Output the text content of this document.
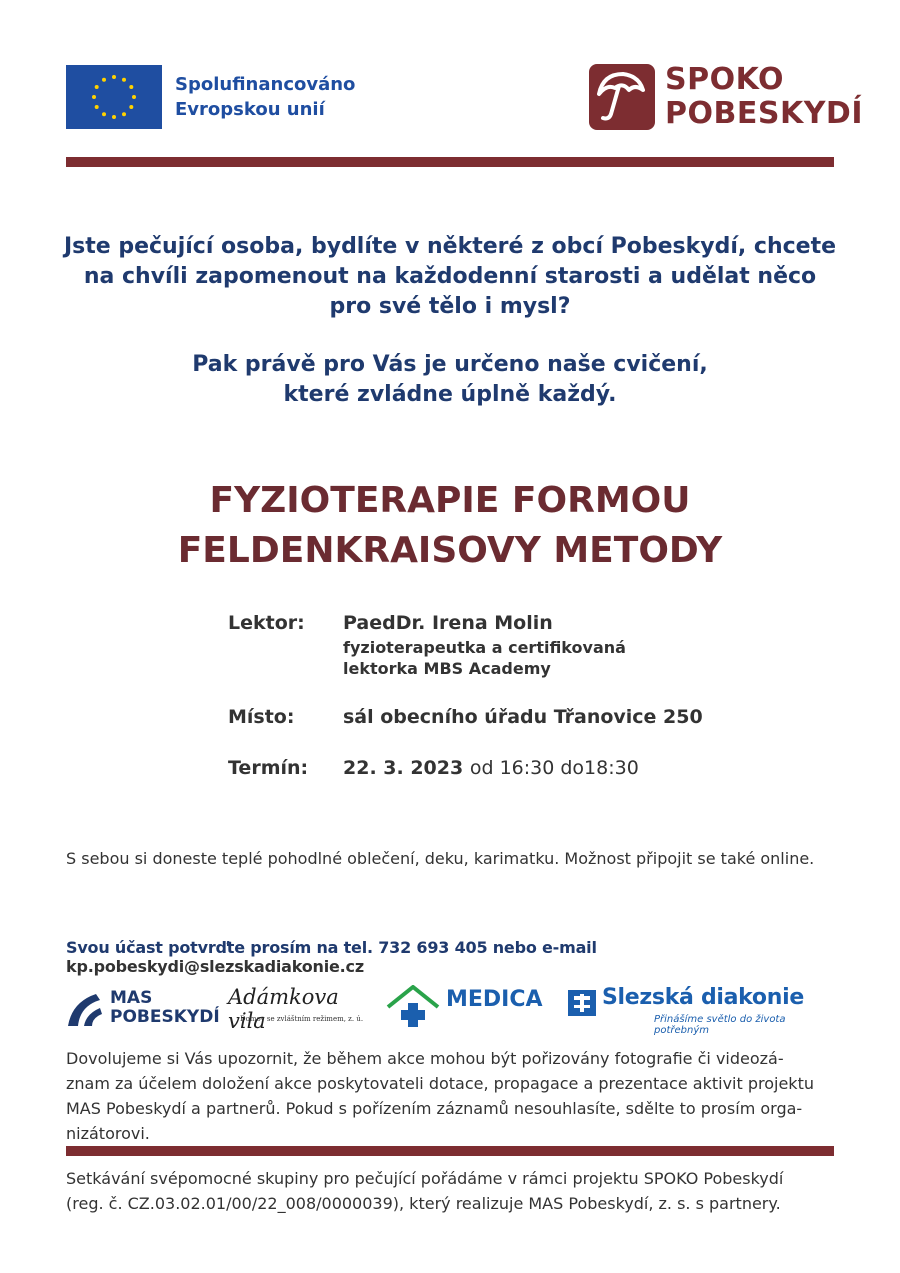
Spolufinancováno
Evropskou unií
SPOKO
POBESKYDÍ
Jste pečující osoba, bydlíte v některé z obcí Pobeskydí, chcete
na chvíli zapomenout na každodenní starosti a udělat něco
pro své tělo i mysl?
Pak právě pro Vás je určeno naše cvičení,
které zvládne úplně každý.
FYZIOTERAPIE FORMOU
FELDENKRAISOVY METODY
Lektor: PaedDr. Irena Molin
fyzioterapeutka a certifikovaná
lektorka MBS Academy
Místo:	sál obecního úřadu Třanovice 250
Termín: 22. 3. 2023 od 16:30 do18:30
S sebou si doneste teplé pohodlné oblečení, deku, karimatku. Možnost připojit se také online.
Svou účast potvrďte prosím na tel. 732 693 405 nebo e-mail kp.pobeskydi@slezskadiakonie.cz
MAS
POBESKYDÍ
Adámkova vila
Domov se zvláštním režimem, z. ú.
MEDICA	Slezská diakonie
Přinášíme světlo do života potřebným
Dovolujeme si Vás upozornit, že během akce mohou být pořizovány fotografie či videozá-
znam za účelem doložení akce poskytovateli dotace, propagace a prezentace aktivit projektu
MAS Pobeskydí a partnerů. Pokud s pořízením záznamů nesouhlasíte, sdělte to prosím orga-
nizátorovi.
Setkávání svépomocné skupiny pro pečující pořádáme v rámci projektu SPOKO Pobeskydí
(reg. č. CZ.03.02.01/00/22_008/0000039), který realizuje MAS Pobeskydí, z. s. s partnery.
